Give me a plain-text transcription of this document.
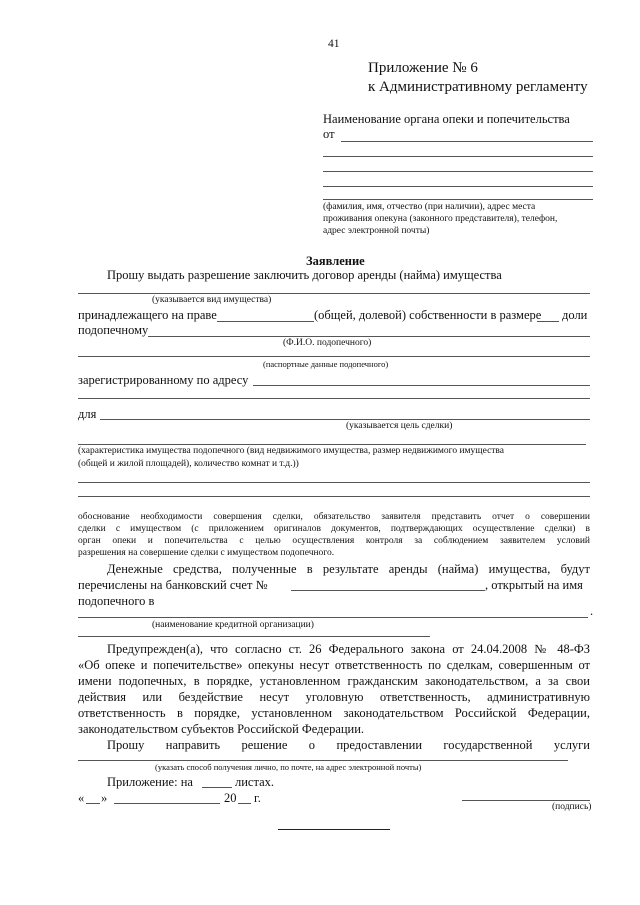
41
Приложение № 6
к Административному регламенту
Наименование органа опеки и попечительства
от
(фамилия, имя, отчество (при наличии), адрес места
проживания опекуна (законного представителя), телефон,
адрес электронной почты)
Заявление
Прошу выдать разрешение заключить договор аренды (найма) имущества
(указывается вид имущества)
принадлежащего на праве	(общей, долевой) собственности в размере доли
подопечному
(Ф.И.О. подопечного)
(паспортные данные подопечного)
зарегистрированному по адресу
для
(указывается цель сделки)
(характеристика имущества подопечного (вид недвижимого имущества, размер недвижимого имущества
(общей и жилой площадей), количество комнат и т.д.))
обоснование необходимости совершения сделки, обязательство заявителя представить отчет о совершении
сделки с имуществом (с приложением оригиналов документов, подтверждающих осуществление сделки) в
орган опеки и попечительства с целью осуществления контроля за соблюдением заявителем условий
разрешения на совершение сделки с имуществом подопечного.
Денежные средства, полученные в результате аренды (найма) имущества, будут
перечислены на банковский счет №	, открытый на имя
подопечного в
.
(наименование кредитной организации)
Предупрежден(а), что согласно ст. 26 Федерального закона от 24.04.2008 № 48-ФЗ
«Об опеке и попечительстве» опекуны несут ответственность по сделкам, совершенным от
имени подопечных, в порядке, установленном гражданским законодательством, а за свои
действия или бездействие несут уголовную ответственность, административную
ответственность в порядке, установленном законодательством Российской Федерации,
законодательством субъектов Российской Федерации.
Прошу направить решение о предоставлении государственной услуги
(указать способ получения лично, по почте, на адрес электронной почты)
Приложение: на	листах.
« »	20 г.
(подпись)
